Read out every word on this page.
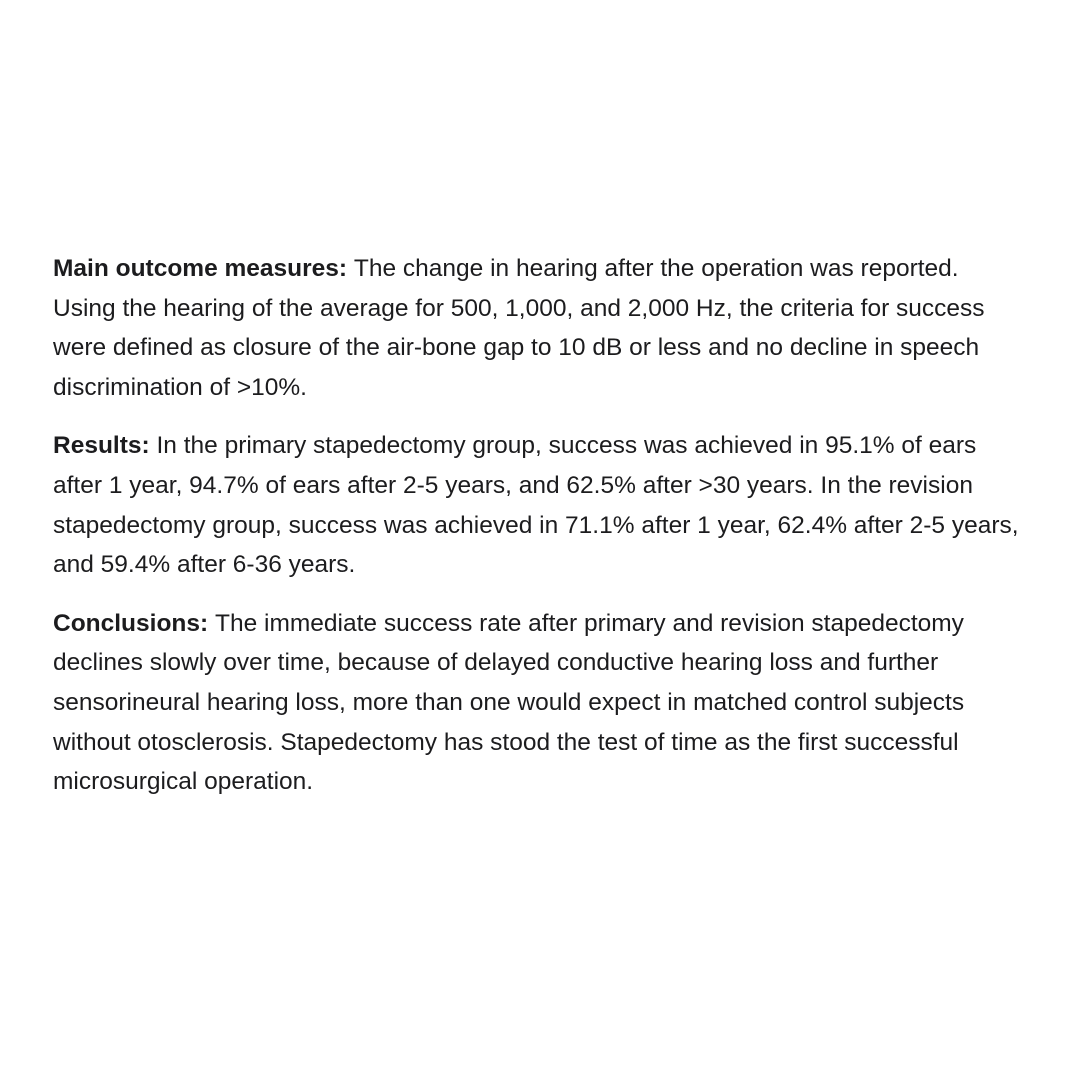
Main outcome measures: The change in hearing after the operation was reported. Using the hearing of the average for 500, 1,000, and 2,000 Hz, the criteria for success were defined as closure of the air-bone gap to 10 dB or less and no decline in speech discrimination of >10%.

Results: In the primary stapedectomy group, success was achieved in 95.1% of ears after 1 year, 94.7% of ears after 2-5 years, and 62.5% after >30 years. In the revision stapedectomy group, success was achieved in 71.1% after 1 year, 62.4% after 2-5 years, and 59.4% after 6-36 years.

Conclusions: The immediate success rate after primary and revision stapedectomy declines slowly over time, because of delayed conductive hearing loss and further sensorineural hearing loss, more than one would expect in matched control subjects without otosclerosis. Stapedectomy has stood the test of time as the first successful microsurgical operation.
